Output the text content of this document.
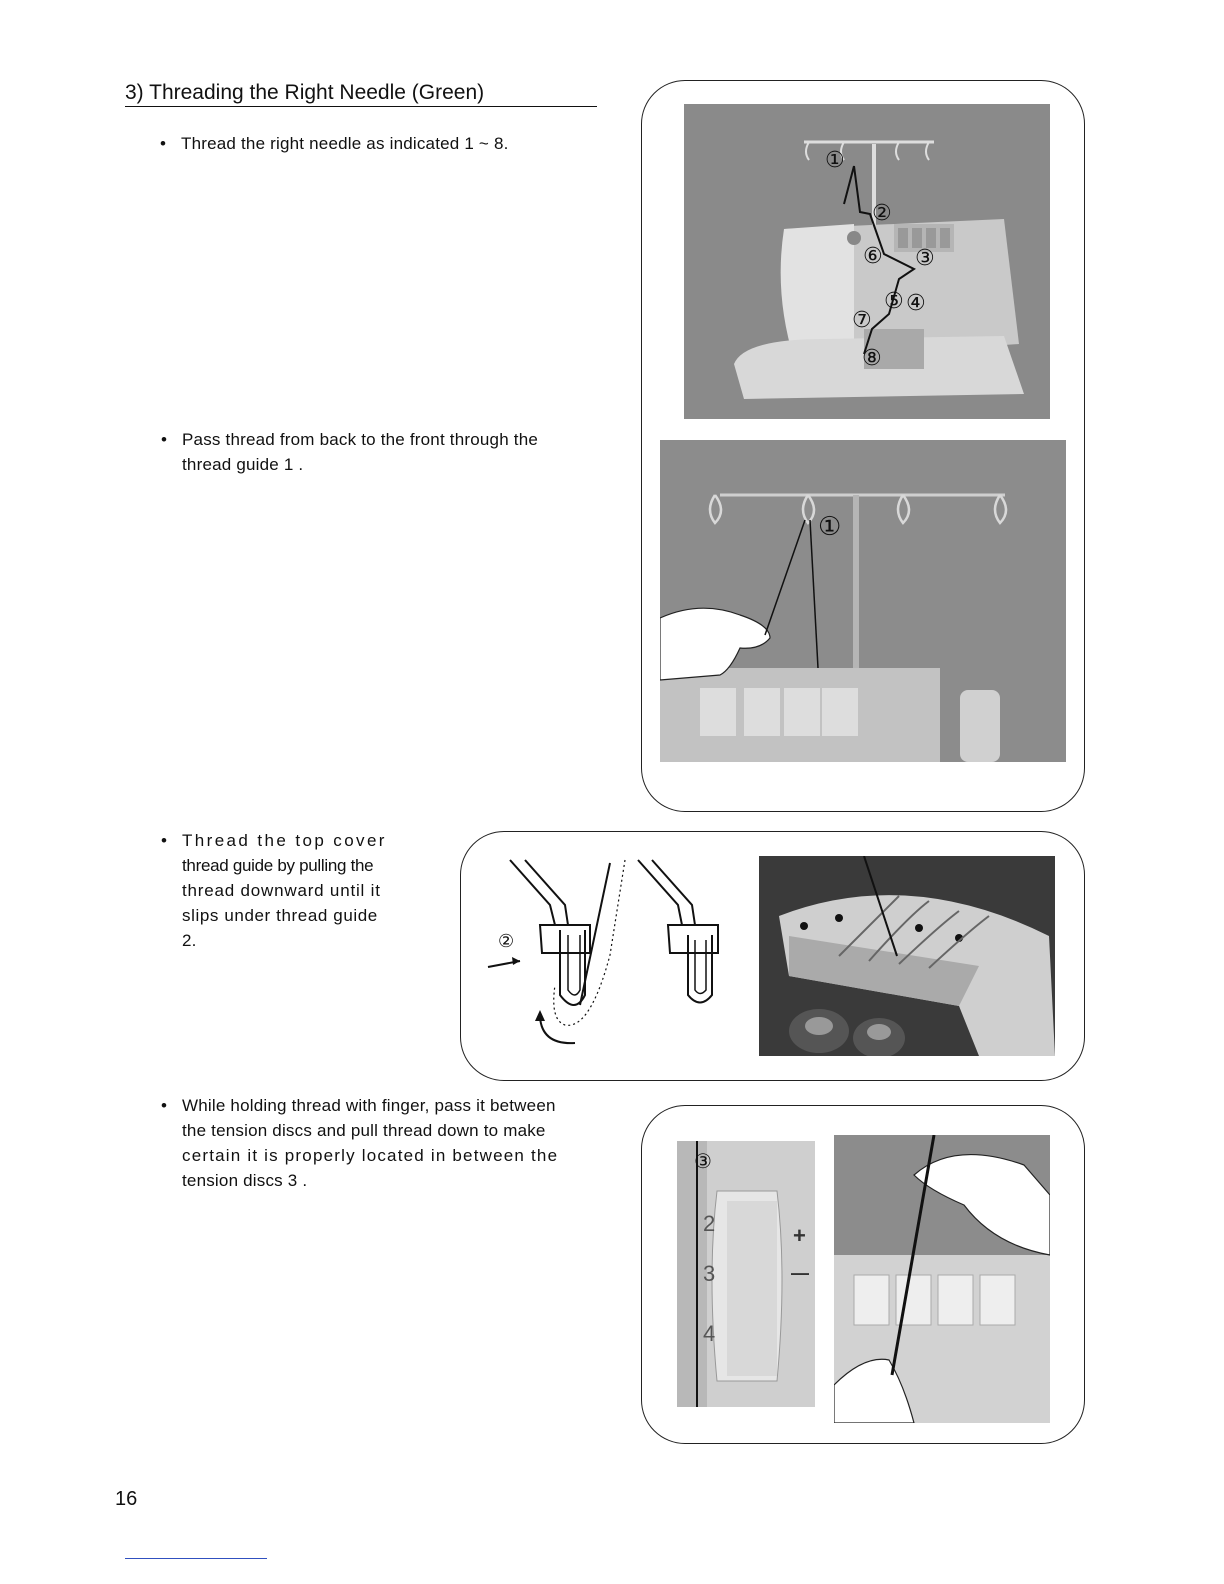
3) Threading the Right Needle (Green)
• Thread the right needle as indicated 1 ~ 8.
• Pass thread from back to the front through the
thread guide 1 .
• Thread the top cover
thread guide by pulling the
thread downward until it
slips under thread guide
2.
• While holding thread with finger, pass it between
the tension discs and pull thread down to make
certain it is properly located in between the
tension discs 3 .
①
②
③
④
⑤
⑥
⑦
⑧
①
②
③
2
3
4
+
—
16
